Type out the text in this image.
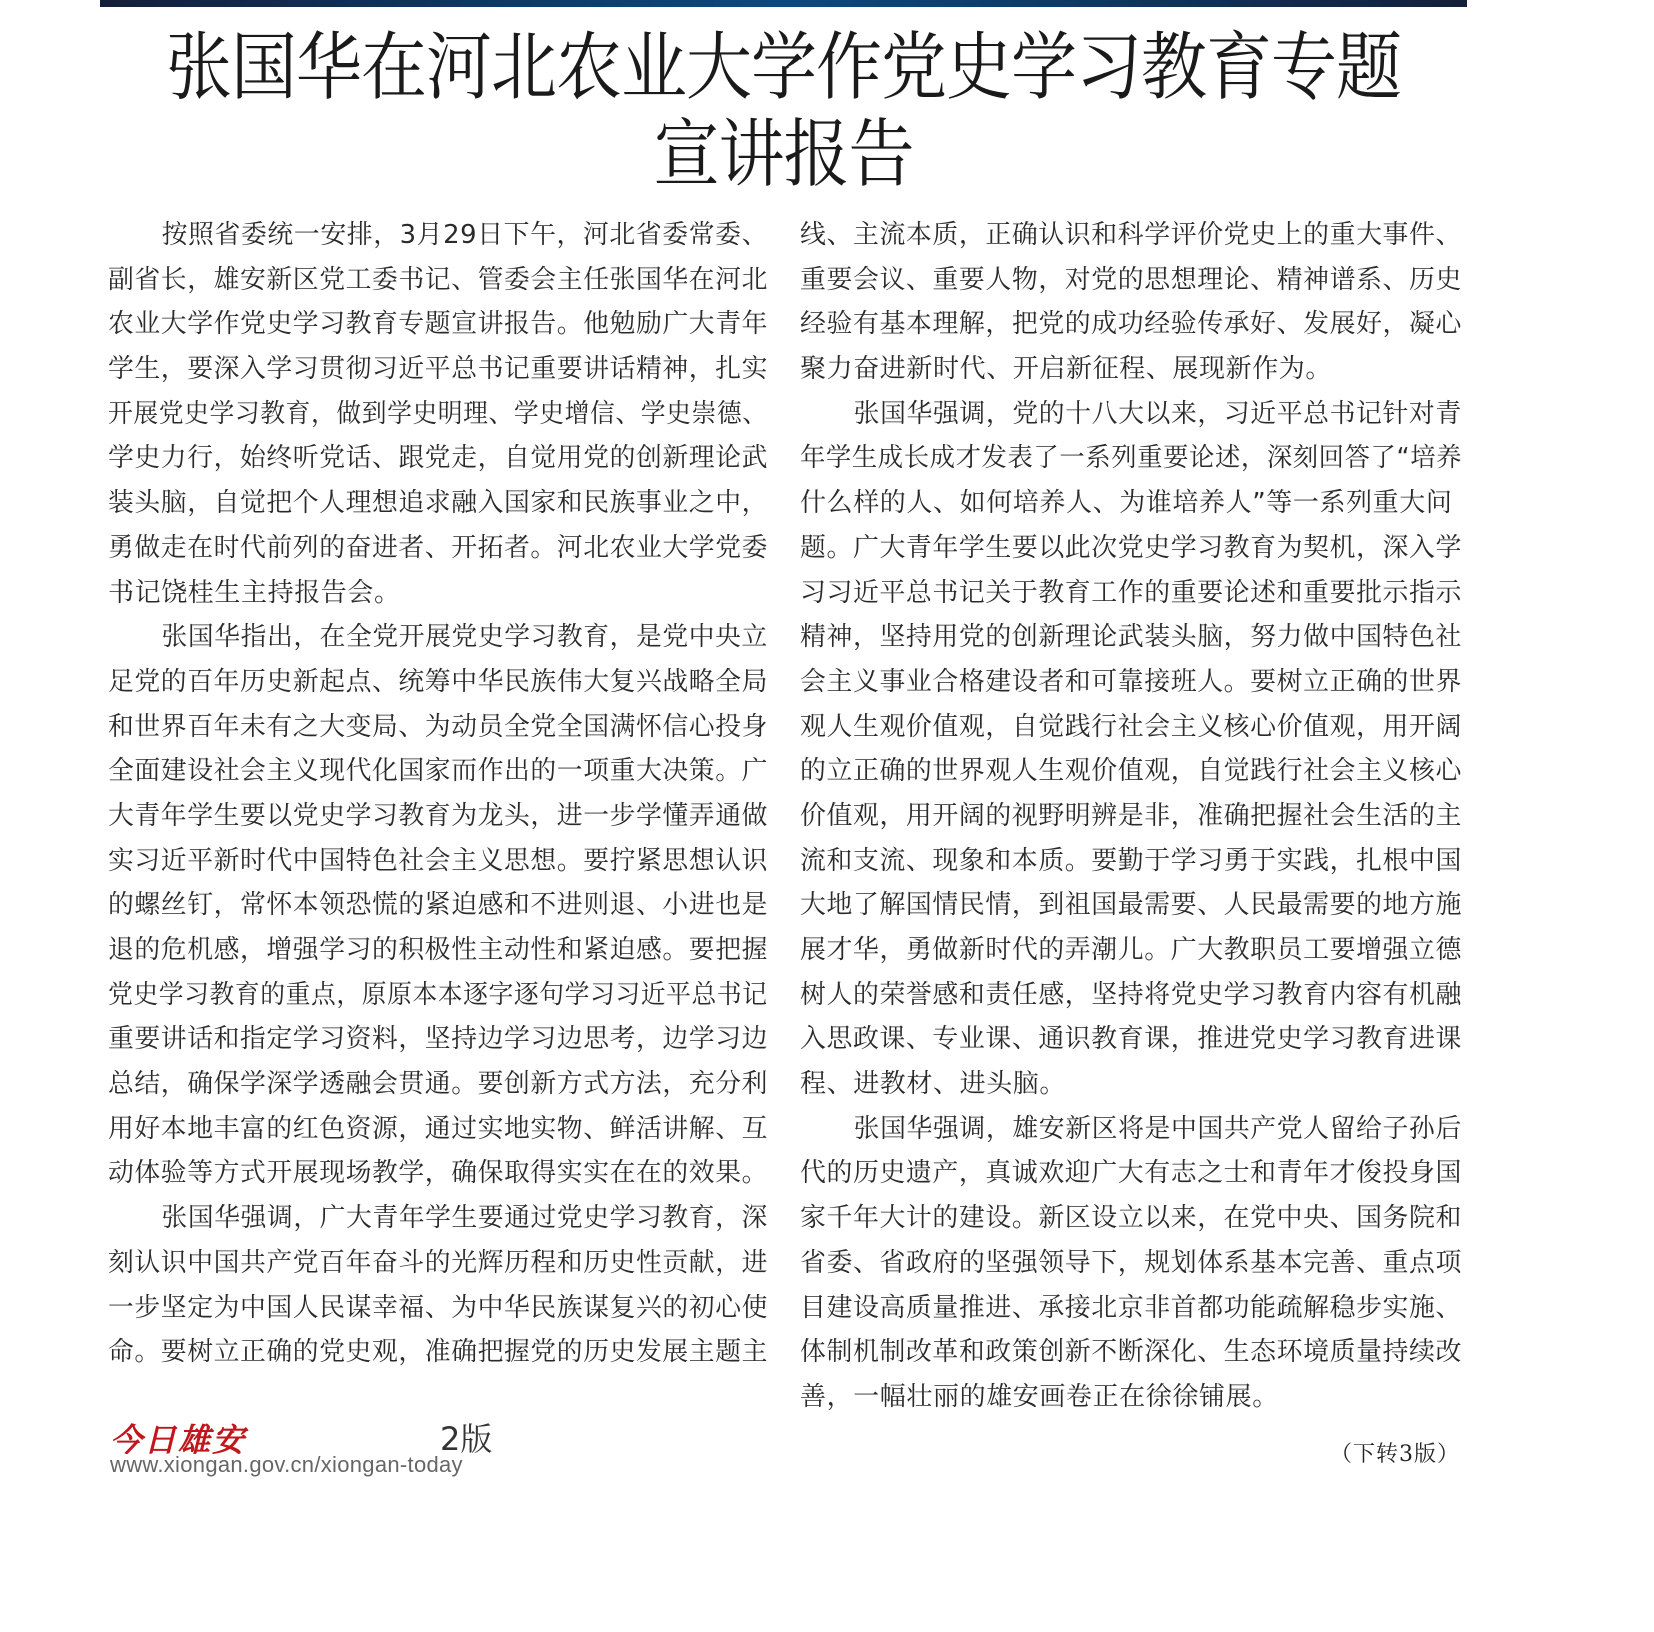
张国华在河北农业大学作党史学习教育专题
宣讲报告
按照省委统一安排，3月29日下午，河北省委常委、
副省长，雄安新区党工委书记、管委会主任张国华在河北
农业大学作党史学习教育专题宣讲报告。他勉励广大青年
学生，要深入学习贯彻习近平总书记重要讲话精神，扎实
开展党史学习教育，做到学史明理、学史增信、学史崇德、
学史力行，始终听党话、跟党走，自觉用党的创新理论武
装头脑，自觉把个人理想追求融入国家和民族事业之中，
勇做走在时代前列的奋进者、开拓者。河北农业大学党委
书记饶桂生主持报告会。
张国华指出，在全党开展党史学习教育，是党中央立
足党的百年历史新起点、统筹中华民族伟大复兴战略全局
和世界百年未有之大变局、为动员全党全国满怀信心投身
全面建设社会主义现代化国家而作出的一项重大决策。广
大青年学生要以党史学习教育为龙头，进一步学懂弄通做
实习近平新时代中国特色社会主义思想。要拧紧思想认识
的螺丝钉，常怀本领恐慌的紧迫感和不进则退、小进也是
退的危机感，增强学习的积极性主动性和紧迫感。要把握
党史学习教育的重点，原原本本逐字逐句学习习近平总书记
重要讲话和指定学习资料，坚持边学习边思考，边学习边
总结，确保学深学透融会贯通。要创新方式方法，充分利
用好本地丰富的红色资源，通过实地实物、鲜活讲解、互
动体验等方式开展现场教学，确保取得实实在在的效果。
张国华强调，广大青年学生要通过党史学习教育，深
刻认识中国共产党百年奋斗的光辉历程和历史性贡献，进
一步坚定为中国人民谋幸福、为中华民族谋复兴的初心使
命。要树立正确的党史观，准确把握党的历史发展主题主
线、主流本质，正确认识和科学评价党史上的重大事件、
重要会议、重要人物，对党的思想理论、精神谱系、历史
经验有基本理解，把党的成功经验传承好、发展好，凝心
聚力奋进新时代、开启新征程、展现新作为。
张国华强调，党的十八大以来，习近平总书记针对青
年学生成长成才发表了一系列重要论述，深刻回答了“培养
什么样的人、如何培养人、为谁培养人”等一系列重大问
题。广大青年学生要以此次党史学习教育为契机，深入学
习习近平总书记关于教育工作的重要论述和重要批示指示
精神，坚持用党的创新理论武装头脑，努力做中国特色社
会主义事业合格建设者和可靠接班人。要树立正确的世界
观人生观价值观，自觉践行社会主义核心价值观，用开阔
的立正确的世界观人生观价值观，自觉践行社会主义核心
价值观，用开阔的视野明辨是非，准确把握社会生活的主
流和支流、现象和本质。要勤于学习勇于实践，扎根中国
大地了解国情民情，到祖国最需要、人民最需要的地方施
展才华，勇做新时代的弄潮儿。广大教职员工要增强立德
树人的荣誉感和责任感，坚持将党史学习教育内容有机融
入思政课、专业课、通识教育课，推进党史学习教育进课
程、进教材、进头脑。
张国华强调，雄安新区将是中国共产党人留给子孙后
代的历史遗产，真诚欢迎广大有志之士和青年才俊投身国
家千年大计的建设。新区设立以来，在党中央、国务院和
省委、省政府的坚强领导下，规划体系基本完善、重点项
目建设高质量推进、承接北京非首都功能疏解稳步实施、
体制机制改革和政策创新不断深化、生态环境质量持续改
善，一幅壮丽的雄安画卷正在徐徐铺展。
今日雄安	2版
www.xiongan.gov.cn/xiongan-today	（下转3版）
